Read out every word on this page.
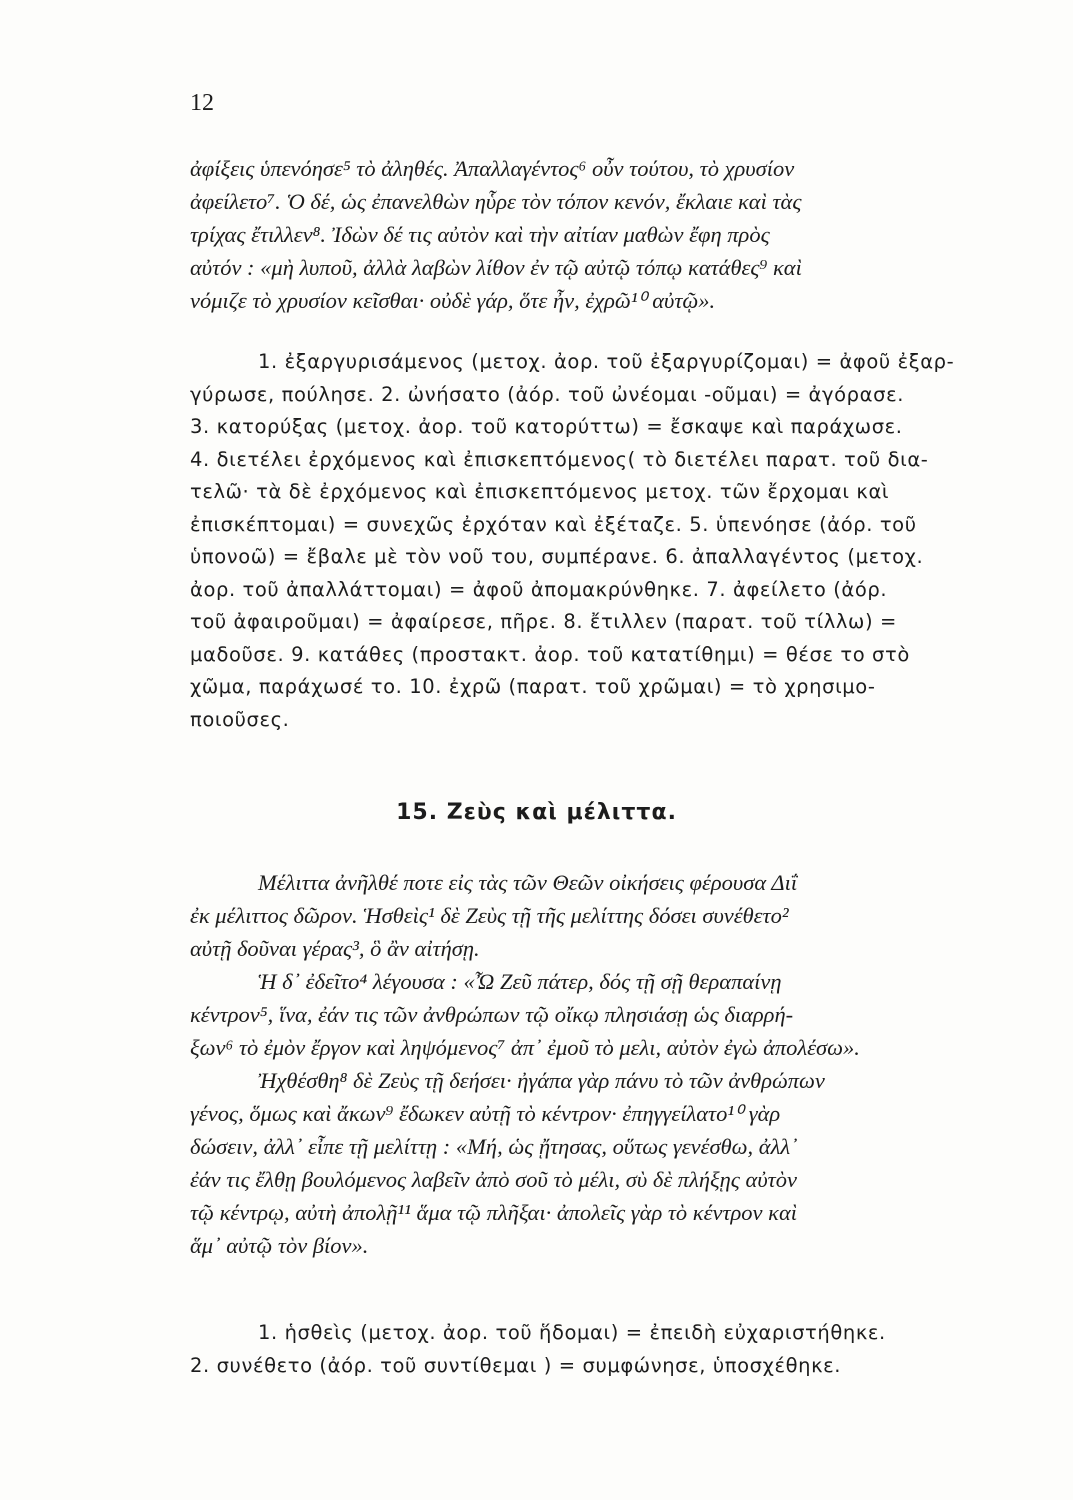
12
ἀφίξεις ὑπενόησε⁵ τὸ ἀληθές. Ἀπαλλαγέντος⁶ οὖν τούτου, τὸ χρυσίον
ἀφείλετο⁷. Ὁ δέ, ὡς ἐπανελθὼν ηὗρε τὸν τόπον κενόν, ἔκλαιε καὶ τὰς
τρίχας ἔτιλλεν⁸. Ἰδὼν δέ τις αὐτὸν καὶ τὴν αἰτίαν μαθὼν ἔφη πρὸς
αὐτόν : «μὴ λυποῦ, ἀλλὰ λαβὼν λίθον ἐν τῷ αὐτῷ τόπῳ κατάθες⁹ καὶ
νόμιζε τὸ χρυσίον κεῖσθαι· οὐδὲ γάρ, ὅτε ἦν, ἐχρῶ¹⁰ αὐτῷ».
1. ἐξαργυρισάμενος (μετοχ. ἀορ. τοῦ ἐξαργυρίζομαι) = ἀφοῦ ἐξαρ-
γύρωσε, πούλησε. 2. ὠνήσατο (ἀόρ. τοῦ ὠνέομαι -οῦμαι) = ἀγόρασε.
3. κατορύξας (μετοχ. ἀορ. τοῦ κατορύττω) = ἔσκαψε καὶ παράχωσε.
4. διετέλει ἐρχόμενος καὶ ἐπισκεπτόμενος( τὸ διετέλει παρατ. τοῦ δια-
τελῶ· τὰ δὲ ἐρχόμενος καὶ ἐπισκεπτόμενος μετοχ. τῶν ἔρχομαι καὶ
ἐπισκέπτομαι) = συνεχῶς ἐρχόταν καὶ ἐξέταζε. 5. ὑπενόησε (ἀόρ. τοῦ
ὑπονοῶ) = ἔβαλε μὲ τὸν νοῦ του, συμπέρανε. 6. ἀπαλλαγέντος (μετοχ.
ἀορ. τοῦ ἀπαλλάττομαι) = ἀφοῦ ἀπομακρύνθηκε. 7. ἀφείλετο (ἀόρ.
τοῦ ἀφαιροῦμαι) = ἀφαίρεσε, πῆρε. 8. ἔτιλλεν (παρατ. τοῦ τίλλω) =
μαδοῦσε. 9. κατάθες (προστακτ. ἀορ. τοῦ κατατίθημι) = θέσε το στὸ
χῶμα, παράχωσέ το. 10. ἐχρῶ (παρατ. τοῦ χρῶμαι) = τὸ χρησιμο-
ποιοῦσες.
15. Ζεὺς καὶ μέλιττα.
Μέλιττα ἀνῆλθέ ποτε εἰς τὰς τῶν Θεῶν οἰκήσεις φέρουσα Διΐ
ἐκ μέλιττος δῶρον. Ἡσθεὶς¹ δὲ Ζεὺς τῇ τῆς μελίττης δόσει συνέθετο²
αὐτῇ δοῦναι γέρας³, ὃ ἂν αἰτήσῃ.
Ἡ δ᾽ ἐδεῖτο⁴ λέγουσα : «Ὦ Ζεῦ πάτερ, δός τῇ σῇ θεραπαίνῃ
κέντρον⁵, ἵνα, ἐάν τις τῶν ἀνθρώπων τῷ οἴκῳ πλησιάσῃ ὡς διαρρή-
ξων⁶ τὸ ἐμὸν ἔργον καὶ ληψόμενος⁷ ἀπ᾽ ἐμοῦ τὸ μελι, αὐτὸν ἐγὼ ἀπολέσω».
Ἠχθέσθη⁸ δὲ Ζεὺς τῇ δεήσει· ἠγάπα γὰρ πάνυ τὸ τῶν ἀνθρώπων
γένος, ὅμως καὶ ἄκων⁹ ἔδωκεν αὐτῇ τὸ κέντρον· ἐπηγγείλατο¹⁰ γὰρ
δώσειν, ἀλλ᾽ εἶπε τῇ μελίττῃ : «Μή, ὡς ᾔτησας, οὕτως γενέσθω, ἀλλ᾽
ἐάν τις ἔλθῃ βουλόμενος λαβεῖν ἀπὸ σοῦ τὸ μέλι, σὺ δὲ πλήξῃς αὐτὸν
τῷ κέντρῳ, αὐτὴ ἀπολῇ¹¹ ἅμα τῷ πλῆξαι· ἀπολεῖς γὰρ τὸ κέντρον καὶ
ἅμ᾽ αὐτῷ τὸν βίον».
1. ἡσθεὶς (μετοχ. ἀορ. τοῦ ἥδομαι) = ἐπειδὴ εὐχαριστήθηκε.
2. συνέθετο (ἀόρ. τοῦ συντίθεμαι ) = συμφώνησε, ὑποσχέθηκε.
